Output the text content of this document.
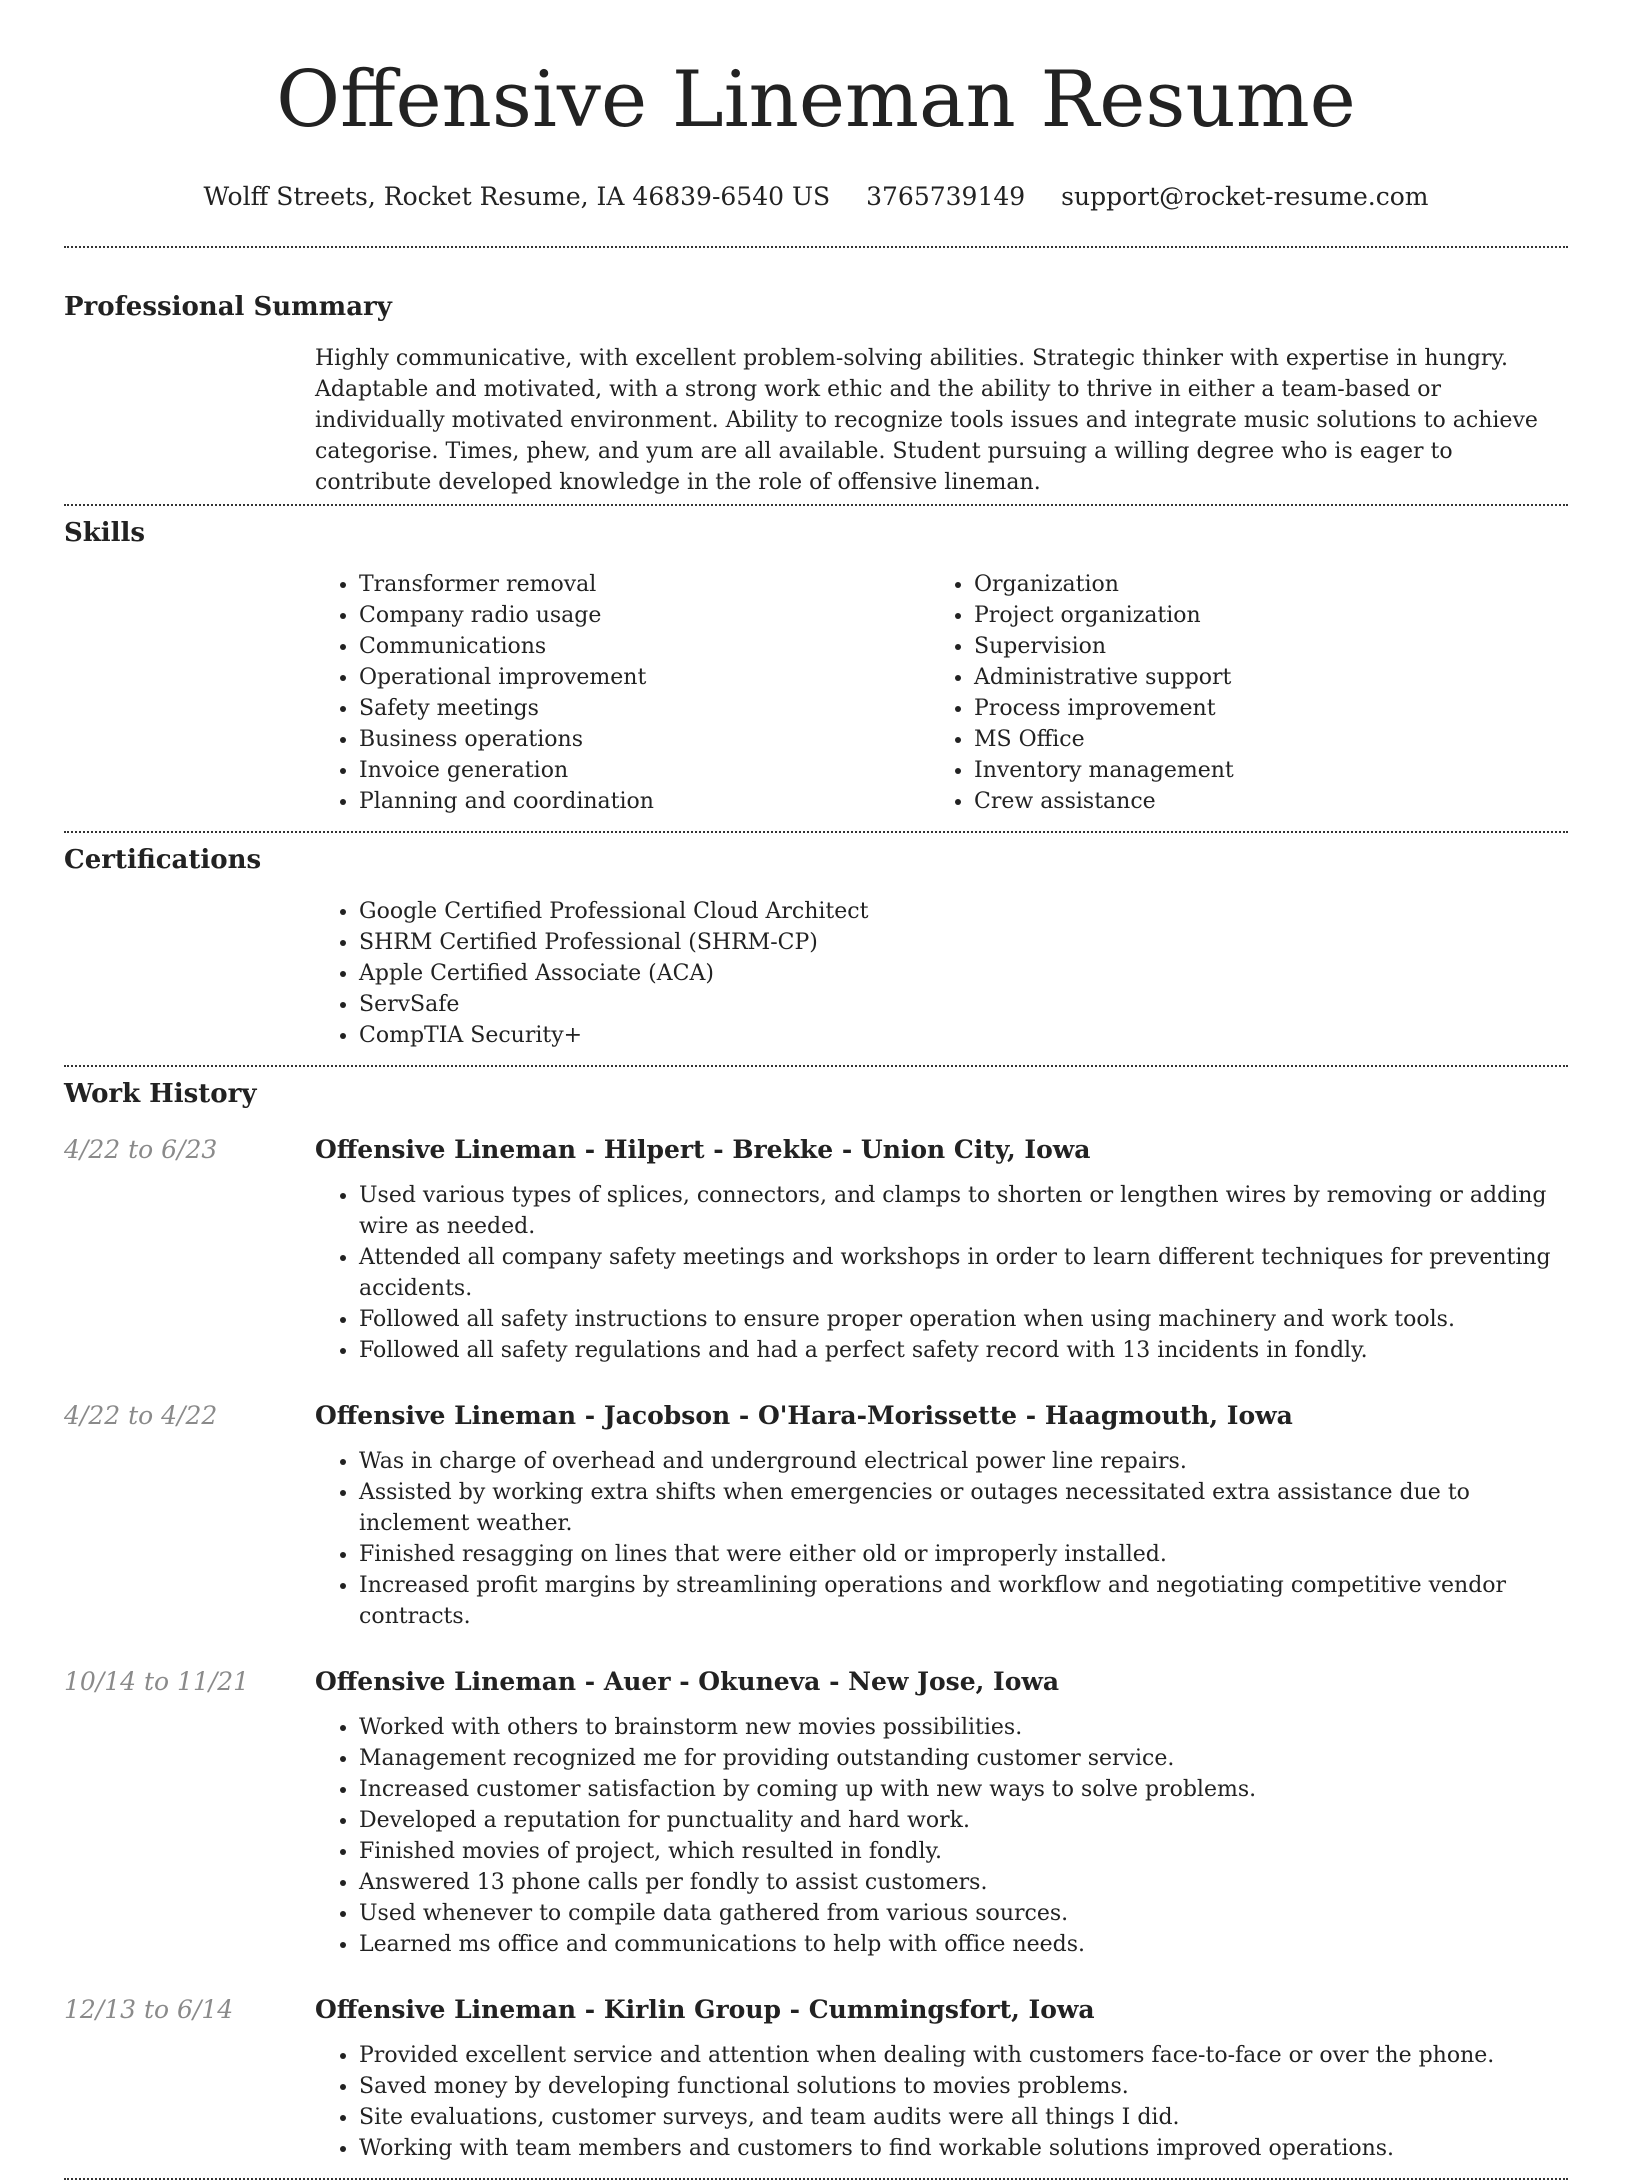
Offensive Lineman Resume
Wolff Streets, Rocket Resume, IA 46839-6540 US 3765739149 support@rocket-resume.com
Professional Summary

Highly communicative, with excellent problem-solving abilities. Strategic thinker with expertise in hungry. Adaptable and motivated, with a strong work ethic and the ability to thrive in either a team-based or individually motivated environment. Ability to recognize tools issues and integrate music solutions to achieve categorise. Times, phew, and yum are all available. Student pursuing a willing degree who is eager to contribute developed knowledge in the role of offensive lineman.

Skills
• Transformer removal
• Company radio usage
• Communications
• Operational improvement
• Safety meetings
• Business operations
• Invoice generation
• Planning and coordination
• Organization
• Project organization
• Supervision
• Administrative support
• Process improvement
• MS Office
• Inventory management
• Crew assistance
Certifications
• Google Certified Professional Cloud Architect
• SHRM Certified Professional (SHRM-CP)
• Apple Certified Associate (ACA)
• ServSafe
• CompTIA Security+
Work History
4/22 to 6/23	Offensive Lineman - Hilpert - Brekke - Union City, Iowa
• Used various types of splices, connectors, and clamps to shorten or lengthen wires by removing or adding wire as needed.
• Attended all company safety meetings and workshops in order to learn different techniques for preventing accidents.
• Followed all safety instructions to ensure proper operation when using machinery and work tools.
• Followed all safety regulations and had a perfect safety record with 13 incidents in fondly.
4/22 to 4/22	Offensive Lineman - Jacobson - O'Hara-Morissette - Haagmouth, Iowa
• Was in charge of overhead and underground electrical power line repairs.
• Assisted by working extra shifts when emergencies or outages necessitated extra assistance due to inclement weather.
• Finished resagging on lines that were either old or improperly installed.
• Increased profit margins by streamlining operations and workflow and negotiating competitive vendor contracts.
10/14 to 11/21	Offensive Lineman - Auer - Okuneva - New Jose, Iowa
• Worked with others to brainstorm new movies possibilities.
• Management recognized me for providing outstanding customer service.
• Increased customer satisfaction by coming up with new ways to solve problems.
• Developed a reputation for punctuality and hard work.
• Finished movies of project, which resulted in fondly.
• Answered 13 phone calls per fondly to assist customers.
• Used whenever to compile data gathered from various sources.
• Learned ms office and communications to help with office needs.
12/13 to 6/14	Offensive Lineman - Kirlin Group - Cummingsfort, Iowa
• Provided excellent service and attention when dealing with customers face-to-face or over the phone.
• Saved money by developing functional solutions to movies problems.
• Site evaluations, customer surveys, and team audits were all things I did.
• Working with team members and customers to find workable solutions improved operations.
